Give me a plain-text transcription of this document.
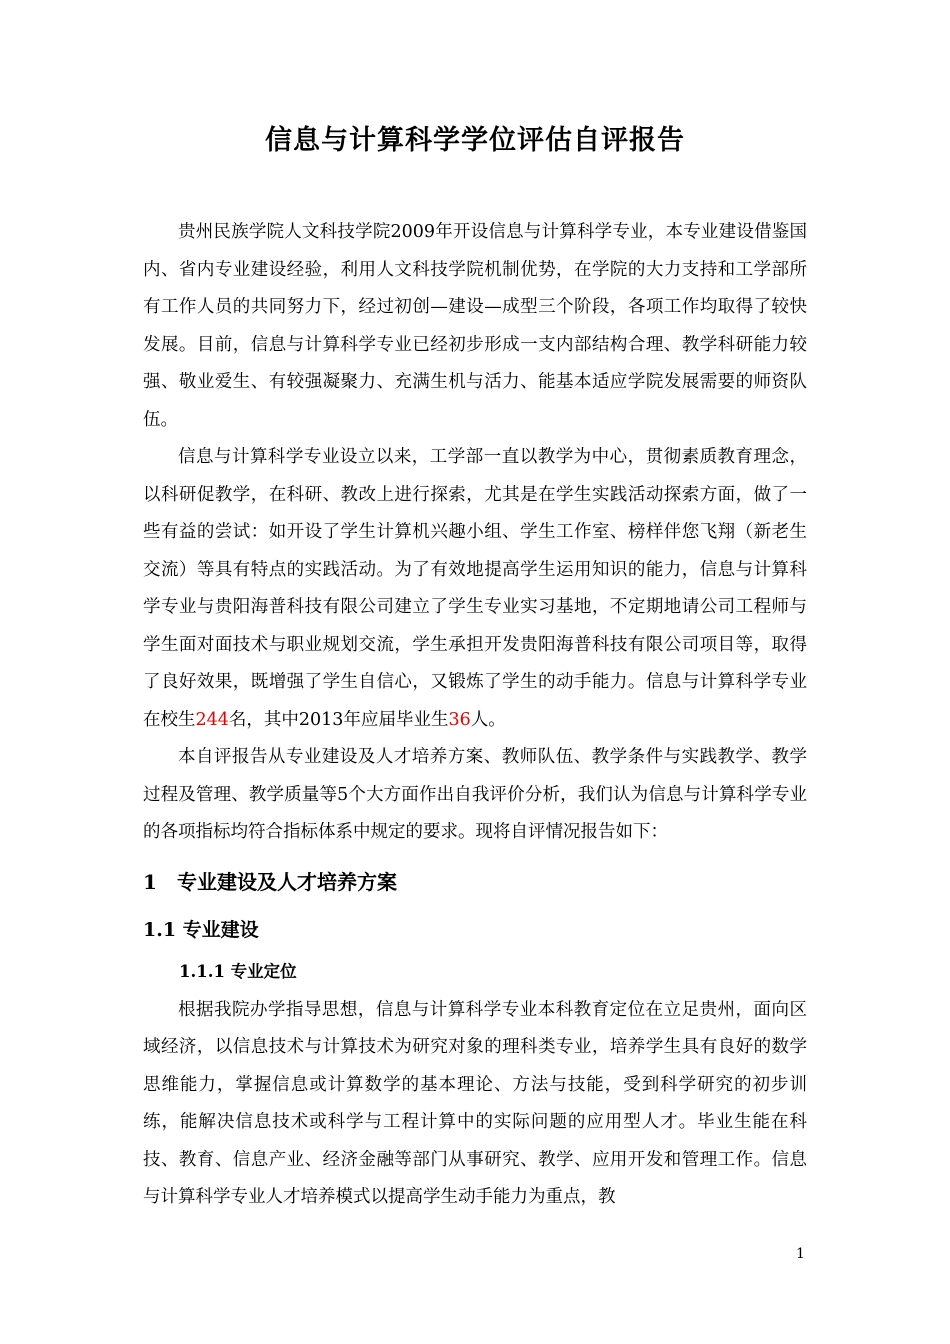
信息与计算科学学位评估自评报告

贵州民族学院人文科技学院2009年开设信息与计算科学专业，本专业建设借鉴国内、省内专业建设经验，利用人文科技学院机制优势，在学院的大力支持和工学部所有工作人员的共同努力下，经过初创—建设—成型三个阶段，各项工作均取得了较快发展。目前，信息与计算科学专业已经初步形成一支内部结构合理、教学科研能力较强、敬业爱生、有较强凝聚力、充满生机与活力、能基本适应学院发展需要的师资队伍。

信息与计算科学专业设立以来，工学部一直以教学为中心，贯彻素质教育理念，以科研促教学，在科研、教改上进行探索，尤其是在学生实践活动探索方面，做了一些有益的尝试：如开设了学生计算机兴趣小组、学生工作室、榜样伴您飞翔（新老生交流）等具有特点的实践活动。为了有效地提高学生运用知识的能力，信息与计算科学专业与贵阳海普科技有限公司建立了学生专业实习基地，不定期地请公司工程师与学生面对面技术与职业规划交流，学生承担开发贵阳海普科技有限公司项目等，取得了良好效果，既增强了学生自信心，又锻炼了学生的动手能力。信息与计算科学专业在校生244名，其中2013年应届毕业生36人。

本自评报告从专业建设及人才培养方案、教师队伍、教学条件与实践教学、教学过程及管理、教学质量等5个大方面作出自我评价分析，我们认为信息与计算科学专业的各项指标均符合指标体系中规定的要求。现将自评情况报告如下：

1 专业建设及人才培养方案
1.1 专业建设
1.1.1 专业定位

根据我院办学指导思想，信息与计算科学专业本科教育定位在立足贵州，面向区域经济，以信息技术与计算技术为研究对象的理科类专业，培养学生具有良好的数学思维能力，掌握信息或计算数学的基本理论、方法与技能，受到科学研究的初步训练，能解决信息技术或科学与工程计算中的实际问题的应用型人才。毕业生能在科技、教育、信息产业、经济金融等部门从事研究、教学、应用开发和管理工作。信息与计算科学专业人才培养模式以提高学生动手能力为重点，教

1
